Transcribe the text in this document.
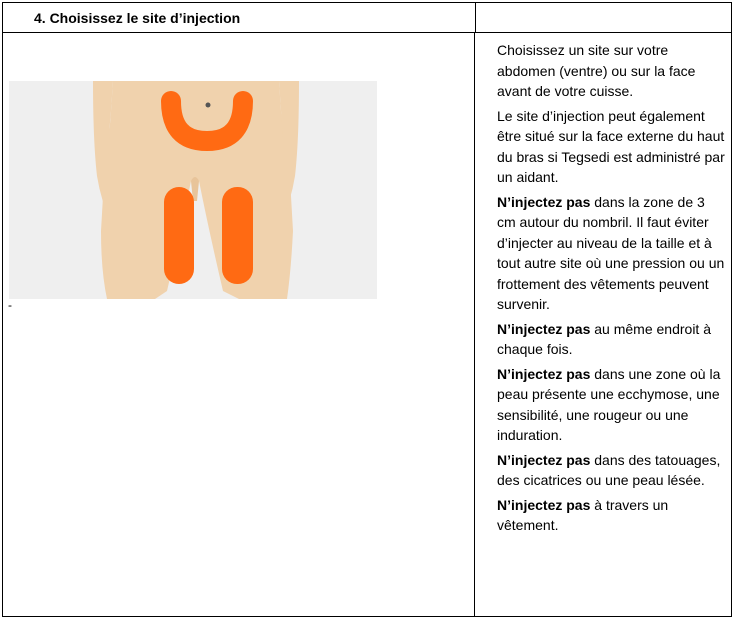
4. Choisissez le site d’injection
-

Choisissez un site sur votre abdomen (ventre) ou sur la face avant de votre cuisse.

Le site d’injection peut également être situé sur la face externe du haut du bras si Tegsedi est administré par un aidant.

N’injectez pas dans la zone de 3 cm autour du nombril. Il faut éviter d’injecter au niveau de la taille et à tout autre site où une pression ou un frottement des vêtements peuvent survenir.

N’injectez pas au même endroit à chaque fois.

N’injectez pas dans une zone où la peau présente une ecchymose, une sensibilité, une rougeur ou une induration.

N’injectez pas dans des tatouages, des cicatrices ou une peau lésée.

N’injectez pas à travers un vêtement.
